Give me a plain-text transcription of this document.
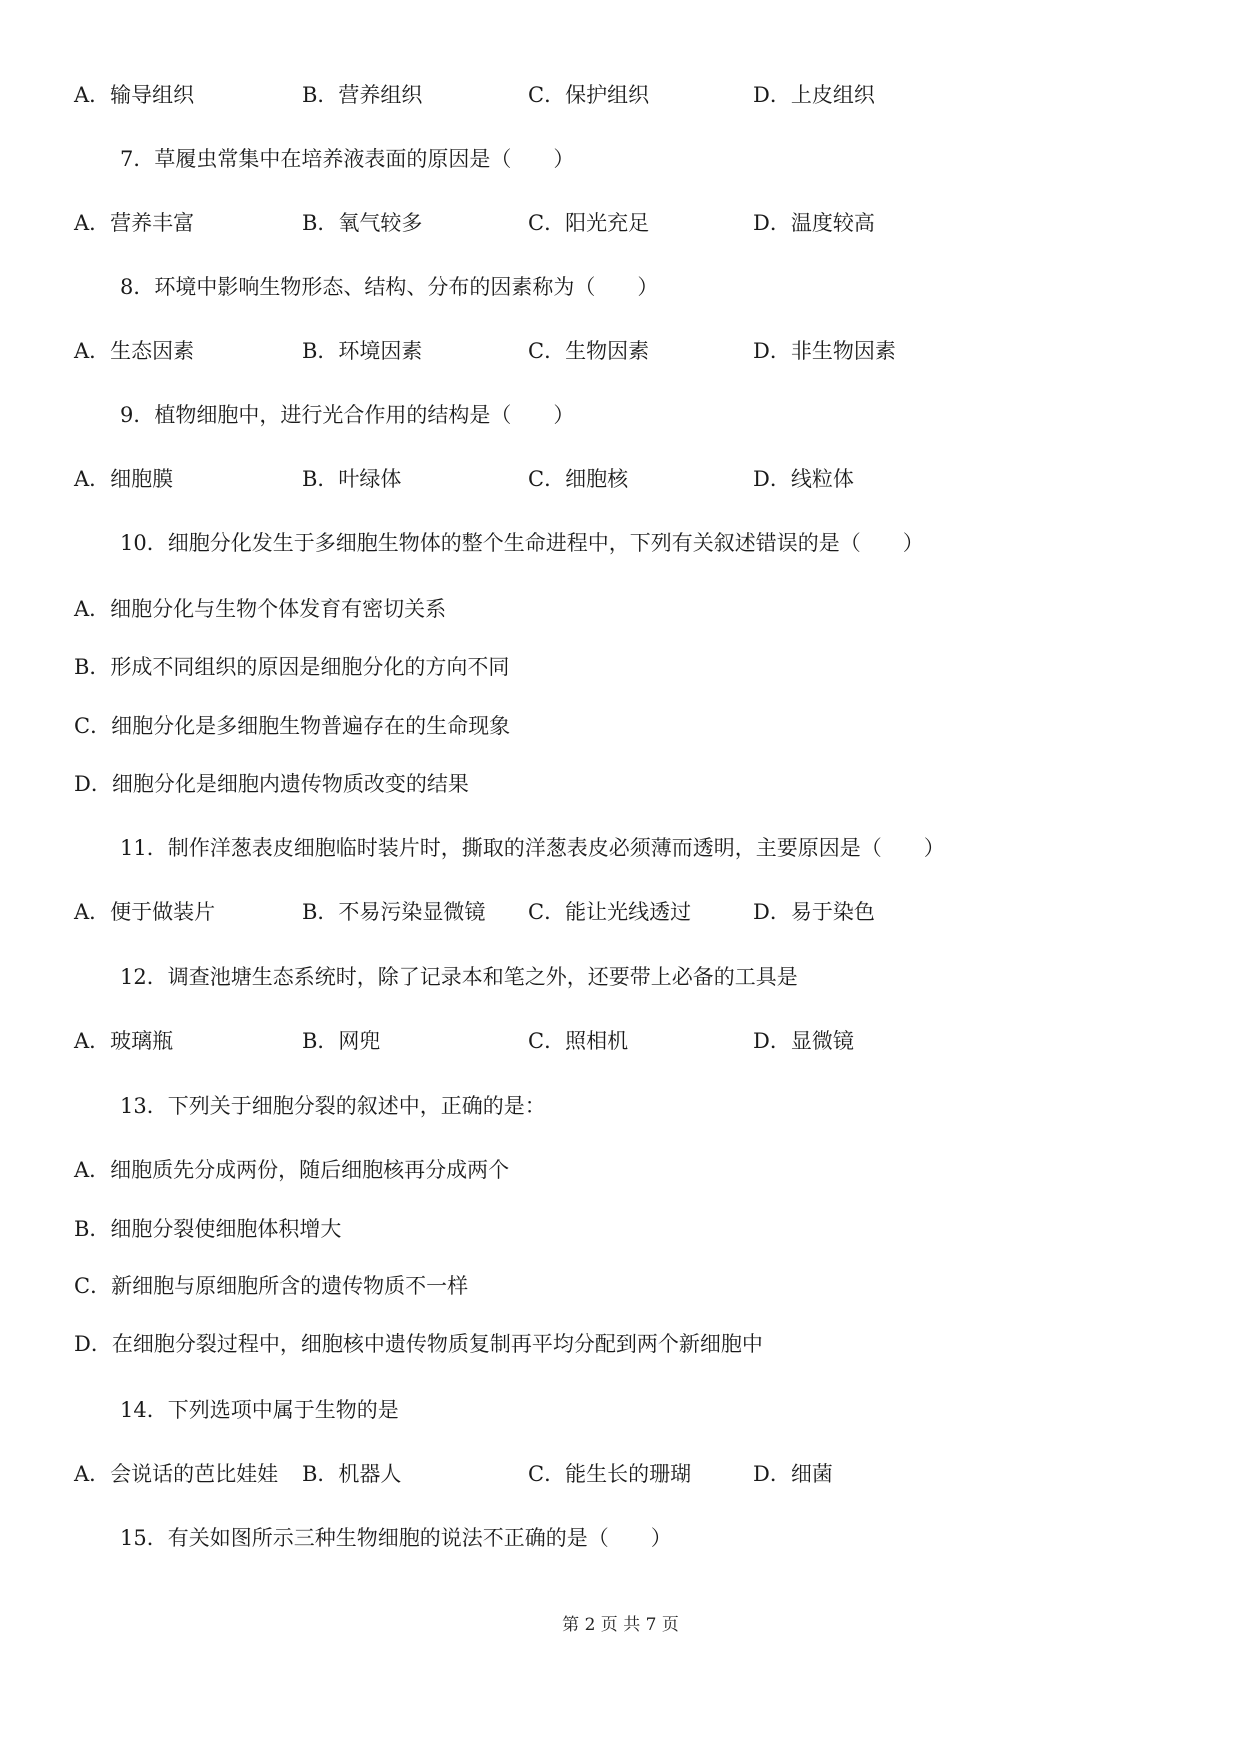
A．输导组织	B．营养组织	C．保护组织	D．上皮组织
7．草履虫常集中在培养液表面的原因是（　　）
A．营养丰富	B．氧气较多	C．阳光充足	D．温度较高
8．环境中影响生物形态、结构、分布的因素称为（　　）
A．生态因素	B．环境因素	C．生物因素	D．非生物因素
9．植物细胞中，进行光合作用的结构是（　　）
A．细胞膜	B．叶绿体	C．细胞核	D．线粒体
10．细胞分化发生于多细胞生物体的整个生命进程中，下列有关叙述错误的是（　　）
A．细胞分化与生物个体发育有密切关系
B．形成不同组织的原因是细胞分化的方向不同
C．细胞分化是多细胞生物普遍存在的生命现象
D．细胞分化是细胞内遗传物质改变的结果
11．制作洋葱表皮细胞临时装片时，撕取的洋葱表皮必须薄而透明，主要原因是（　　）
A．便于做装片	B．不易污染显微镜 C．能让光线透过	D．易于染色
12．调查池塘生态系统时，除了记录本和笔之外，还要带上必备的工具是
A．玻璃瓶	B．网兜	C．照相机	D．显微镜
13．下列关于细胞分裂的叙述中，正确的是：
A．细胞质先分成两份，随后细胞核再分成两个
B．细胞分裂使细胞体积增大
C．新细胞与原细胞所含的遗传物质不一样
D．在细胞分裂过程中，细胞核中遗传物质复制再平均分配到两个新细胞中
14．下列选项中属于生物的是
A．会说话的芭比娃娃 B．机器人	C．能生长的珊瑚	D．细菌
15．有关如图所示三种生物细胞的说法不正确的是（　　）
第 2 页 共 7 页
